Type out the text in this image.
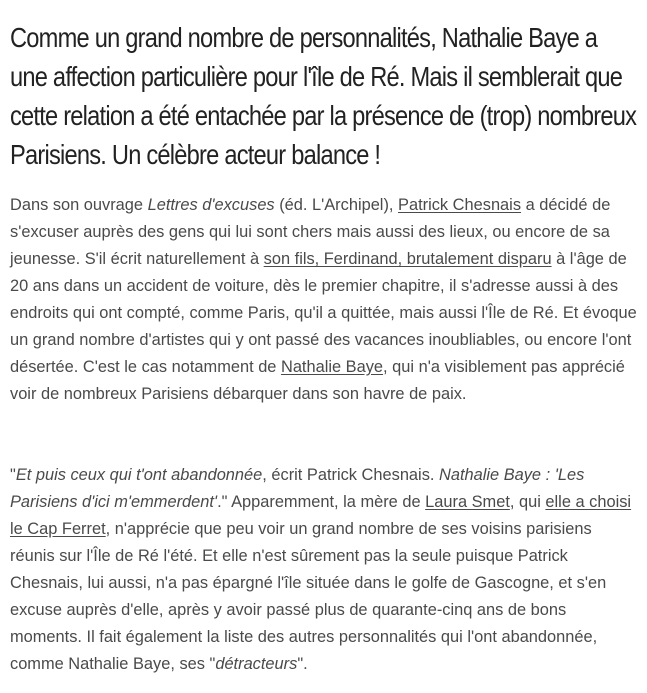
Comme un grand nombre de personnalités, Nathalie Baye a une affection particulière pour l'île de Ré. Mais il semblerait que cette relation a été entachée par la présence de (trop) nombreux Parisiens. Un célèbre acteur balance !

Dans son ouvrage Lettres d'excuses (éd. L'Archipel), Patrick Chesnais a décidé de s'excuser auprès des gens qui lui sont chers mais aussi des lieux, ou encore de sa jeunesse. S'il écrit naturellement à son fils, Ferdinand, brutalement disparu à l'âge de 20 ans dans un accident de voiture, dès le premier chapitre, il s'adresse aussi à des endroits qui ont compté, comme Paris, qu'il a quittée, mais aussi l'Île de Ré. Et évoque un grand nombre d'artistes qui y ont passé des vacances inoubliables, ou encore l'ont désertée. C'est le cas notamment de Nathalie Baye, qui n'a visiblement pas apprécié voir de nombreux Parisiens débarquer dans son havre de paix.

"Et puis ceux qui t'ont abandonnée, écrit Patrick Chesnais. Nathalie Baye : 'Les Parisiens d'ici m'emmerdent'." Apparemment, la mère de Laura Smet, qui elle a choisi le Cap Ferret, n'apprécie que peu voir un grand nombre de ses voisins parisiens réunis sur l'Île de Ré l'été. Et elle n'est sûrement pas la seule puisque Patrick Chesnais, lui aussi, n'a pas épargné l'île située dans le golfe de Gascogne, et s'en excuse auprès d'elle, après y avoir passé plus de quarante-cinq ans de bons moments. Il fait également la liste des autres personnalités qui l'ont abandonnée, comme Nathalie Baye, ses "détracteurs".
